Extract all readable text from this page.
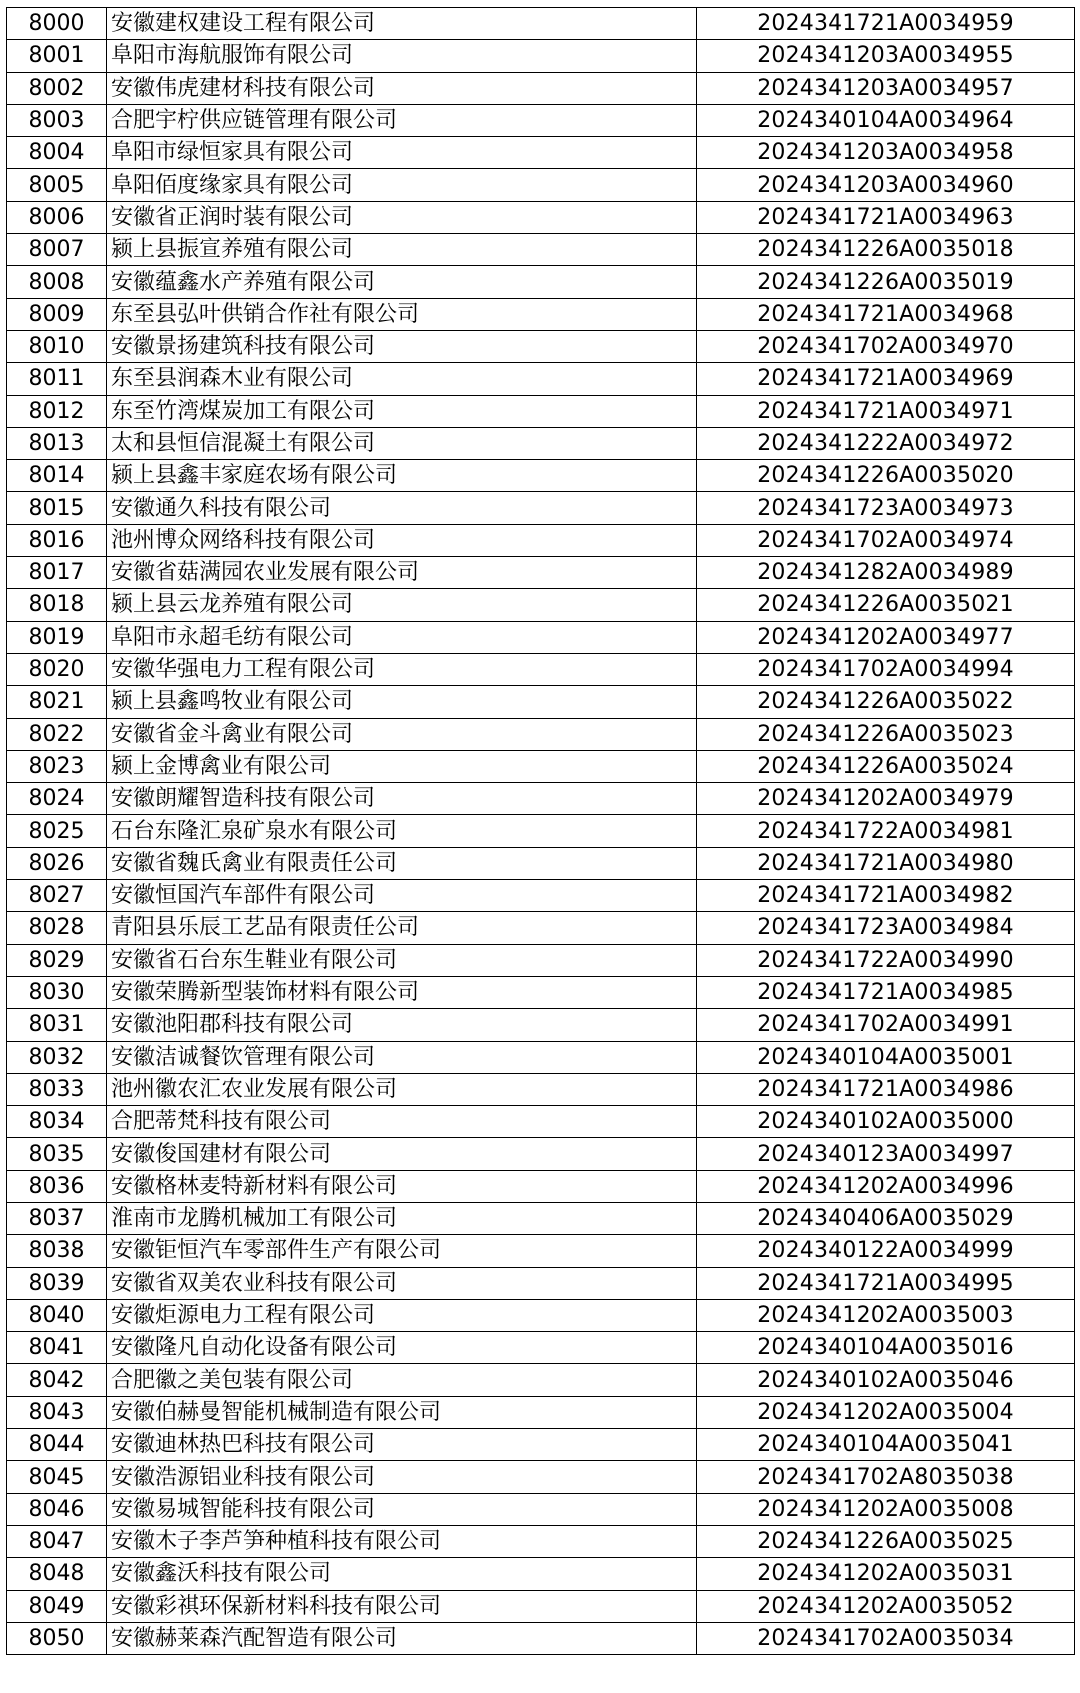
8000	安徽建权建设工程有限公司	2024341721A0034959
8001	阜阳市海航服饰有限公司	2024341203A0034955
8002	安徽伟虎建材科技有限公司	2024341203A0034957
8003	合肥宇柠供应链管理有限公司	2024340104A0034964
8004	阜阳市绿恒家具有限公司	2024341203A0034958
8005	阜阳佰度缘家具有限公司	2024341203A0034960
8006	安徽省正润时装有限公司	2024341721A0034963
8007	颍上县振宣养殖有限公司	2024341226A0035018
8008	安徽蕴鑫水产养殖有限公司	2024341226A0035019
8009	东至县弘叶供销合作社有限公司	2024341721A0034968
8010	安徽景扬建筑科技有限公司	2024341702A0034970
8011	东至县润森木业有限公司	2024341721A0034969
8012	东至竹湾煤炭加工有限公司	2024341721A0034971
8013	太和县恒信混凝土有限公司	2024341222A0034972
8014	颍上县鑫丰家庭农场有限公司	2024341226A0035020
8015	安徽通久科技有限公司	2024341723A0034973
8016	池州博众网络科技有限公司	2024341702A0034974
8017	安徽省菇满园农业发展有限公司	2024341282A0034989
8018	颍上县云龙养殖有限公司	2024341226A0035021
8019	阜阳市永超毛纺有限公司	2024341202A0034977
8020	安徽华强电力工程有限公司	2024341702A0034994
8021	颍上县鑫鸣牧业有限公司	2024341226A0035022
8022	安徽省金斗禽业有限公司	2024341226A0035023
8023	颍上金博禽业有限公司	2024341226A0035024
8024	安徽朗耀智造科技有限公司	2024341202A0034979
8025	石台东隆汇泉矿泉水有限公司	2024341722A0034981
8026	安徽省魏氏禽业有限责任公司	2024341721A0034980
8027	安徽恒国汽车部件有限公司	2024341721A0034982
8028	青阳县乐辰工艺品有限责任公司	2024341723A0034984
8029	安徽省石台东生鞋业有限公司	2024341722A0034990
8030	安徽荣腾新型装饰材料有限公司	2024341721A0034985
8031	安徽池阳郡科技有限公司	2024341702A0034991
8032	安徽洁诚餐饮管理有限公司	2024340104A0035001
8033	池州徽农汇农业发展有限公司	2024341721A0034986
8034	合肥蒂梵科技有限公司	2024340102A0035000
8035	安徽俊国建材有限公司	2024340123A0034997
8036	安徽格林麦特新材料有限公司	2024341202A0034996
8037	淮南市龙腾机械加工有限公司	2024340406A0035029
8038	安徽钜恒汽车零部件生产有限公司	2024340122A0034999
8039	安徽省双美农业科技有限公司	2024341721A0034995
8040	安徽炬源电力工程有限公司	2024341202A0035003
8041	安徽隆凡自动化设备有限公司	2024340104A0035016
8042	合肥徽之美包装有限公司	2024340102A0035046
8043	安徽伯赫曼智能机械制造有限公司	2024341202A0035004
8044	安徽迪林热巴科技有限公司	2024340104A0035041
8045	安徽浩源铝业科技有限公司	2024341702A8035038
8046	安徽易城智能科技有限公司	2024341202A0035008
8047	安徽木子李芦笋种植科技有限公司	2024341226A0035025
8048	安徽鑫沃科技有限公司	2024341202A0035031
8049	安徽彩祺环保新材料科技有限公司	2024341202A0035052
8050	安徽赫莱森汽配智造有限公司	2024341702A0035034
